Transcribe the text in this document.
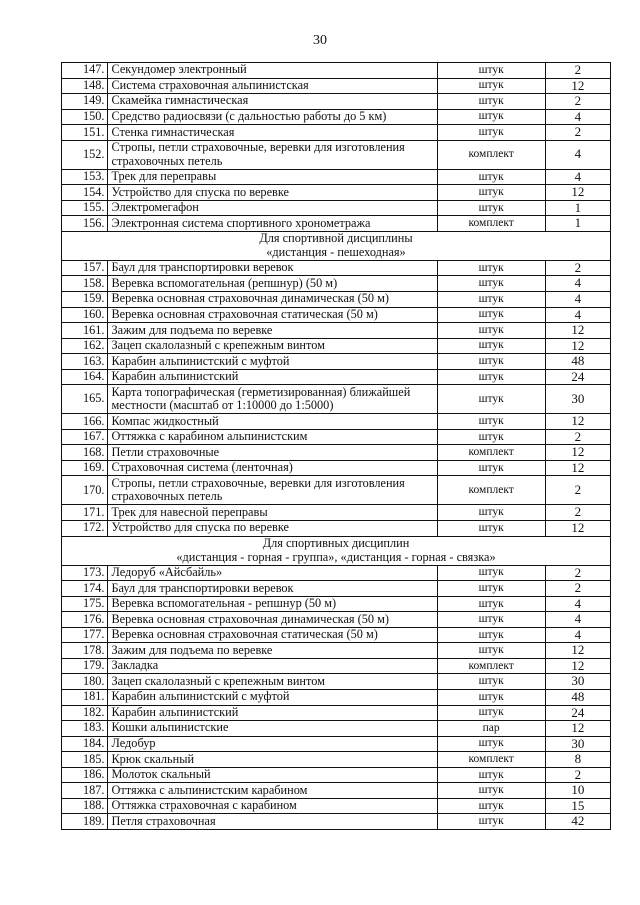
30
147.	Секундомер электронный	штук	2
148.	Система страховочная альпинистская	штук	12
149.	Скамейка гимнастическая	штук	2
150.	Средство радиосвязи (с дальностью работы до 5 км)	штук	4
151.	Стенка гимнастическая	штук	2
152.	Стропы, петли страховочные, веревки для изготовления страховочных петель	комплект	4
153.	Трек для переправы	штук	4
154.	Устройство для спуска по веревке	штук	12
155.	Электромегафон	штук	1
156.	Электронная система спортивного хронометража	комплект	1

Для спортивной дисциплины
«дистанция - пешеходная»			

157.	Баул для транспортировки веревок	штук	2
158.	Веревка вспомогательная (репшнур) (50 м)	штук	4
159.	Веревка основная страховочная динамическая (50 м)	штук	4
160.	Веревка основная страховочная статическая (50 м)	штук	4
161.	Зажим для подъема по веревке	штук	12
162.	Зацеп скалолазный с крепежным винтом	штук	12
163.	Карабин альпинистский с муфтой	штук	48
164.	Карабин альпинистский	штук	24
165.	Карта топографическая (герметизированная) ближайшей местности (масштаб от 1:10000 до 1:5000)	штук	30
166.	Компас жидкостный	штук	12
167.	Оттяжка с карабином альпинистским	штук	2
168.	Петли страховочные	комплект	12
169.	Страховочная система (ленточная)	штук	12
170.	Стропы, петли страховочные, веревки для изготовления страховочных петель	комплект	2
171.	Трек для навесной переправы	штук	2
172.	Устройство для спуска по веревке	штук	12

Для спортивных дисциплин
«дистанция - горная - группа», «дистанция - горная - связка»			

173.	Ледоруб «Айсбайль»	штук	2
174.	Баул для транспортировки веревок	штук	2
175.	Веревка вспомогательная - репшнур (50 м)	штук	4
176.	Веревка основная страховочная динамическая (50 м)	штук	4
177.	Веревка основная страховочная статическая (50 м)	штук	4
178.	Зажим для подъема по веревке	штук	12
179.	Закладка	комплект	12
180.	Зацеп скалолазный с крепежным винтом	штук	30
181.	Карабин альпинистский с муфтой	штук	48
182.	Карабин альпинистский	штук	24
183.	Кошки альпинистские	пар	12
184.	Ледобур	штук	30
185.	Крюк скальный	комплект	8
186.	Молоток скальный	штук	2
187.	Оттяжка с альпинистским карабином	штук	10
188.	Оттяжка страховочная с карабином	штук	15
189.	Петля страховочная	штук	42
